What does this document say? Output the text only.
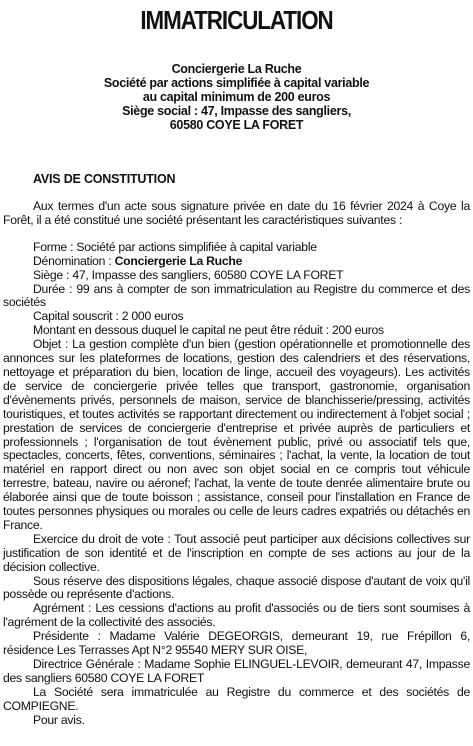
IMMATRICULATION
Conciergerie La Ruche
Société par actions simplifiée à capital variable
au capital minimum de 200 euros
Siège social : 47, Impasse des sangliers,
60580 COYE LA FORET
AVIS DE CONSTITUTION

Aux termes d'un acte sous signature privée en date du 16 février 2024 à Coye la Forêt, il a été constitué une société présentant les caractéristiques suivantes :

Forme : Société par actions simplifiée à capital variable

Dénomination : Conciergerie La Ruche

Siège : 47, Impasse des sangliers, 60580 COYE LA FORET

Durée : 99 ans à compter de son immatriculation au Registre du commerce et des sociétés

Capital souscrit : 2 000 euros

Montant en dessous duquel le capital ne peut être réduit : 200 euros

Objet : La gestion complète d'un bien (gestion opérationnelle et promotionnelle des annonces sur les plateformes de locations, gestion des calendriers et des réservations, nettoyage et préparation du bien, location de linge, accueil des voyageurs). Les activités de service de conciergerie privée telles que transport, gastronomie, organisation d'évènements privés, personnels de maison, service de blanchisserie/pressing, activités touristiques, et toutes activités se rapportant directement ou indirectement à l'objet social ; prestation de services de conciergerie d'entreprise et privée auprès de particuliers et professionnels ; l'organisation de tout évènement public, privé ou associatif tels que, spectacles, concerts, fêtes, conventions, séminaires ; l'achat, la vente, la location de tout matériel en rapport direct ou non avec son objet social en ce compris tout véhicule terrestre, bateau, navire ou aéronef; l'achat, la vente de toute denrée alimentaire brute ou élaborée ainsi que de toute boisson ; assistance, conseil pour l'installation en France de toutes personnes physiques ou morales ou celle de leurs cadres expatriés ou détachés en France.

Exercice du droit de vote : Tout associé peut participer aux décisions collectives sur justification de son identité et de l'inscription en compte de ses actions au jour de la décision collective.

Sous réserve des dispositions légales, chaque associé dispose d'autant de voix qu'il possède ou représente d'actions.

Agrément : Les cessions d'actions au profit d'associés ou de tiers sont soumises à l'agrément de la collectivité des associés.

Présidente : Madame Valérie DEGEORGIS, demeurant 19, rue Frépillon 6, résidence Les Terrasses Apt N°2 95540 MERY SUR OISE,

Directrice Générale : Madame Sophie ELINGUEL-LEVOIR, demeurant 47, Impasse des sangliers 60580 COYE LA FORET

La Société sera immatriculée au Registre du commerce et des sociétés de COMPIEGNE.

Pour avis.
